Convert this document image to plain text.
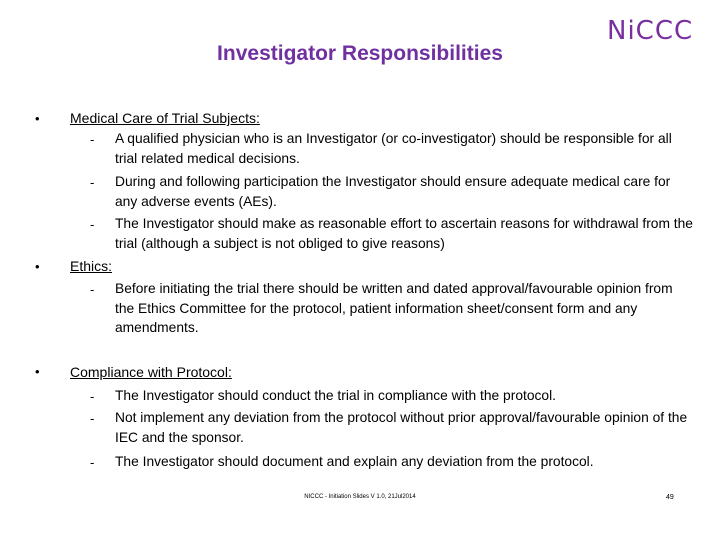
Investigator Responsibilities
NiCCC
• Medical Care of Trial Subjects:
- A qualified physician who is an Investigator (or co-investigator) should be responsible for all trial related medical decisions.
- During and following participation the Investigator should ensure adequate medical care for any adverse events (AEs).
- The Investigator should make as reasonable effort to ascertain reasons for withdrawal from the trial (although a subject is not obliged to give reasons)
• Ethics:
- Before initiating the trial there should be written and dated approval/favourable opinion from the Ethics Committee for the protocol, patient information sheet/consent form and any amendments.
• Compliance with Protocol:
- The Investigator should conduct the trial in compliance with the protocol.
- Not implement any deviation from the protocol without prior approval/favourable opinion of the IEC and the sponsor.
- The Investigator should document and explain any deviation from the protocol.
NICCC - Initiation Slides V 1.0, 21Jul2014	49
